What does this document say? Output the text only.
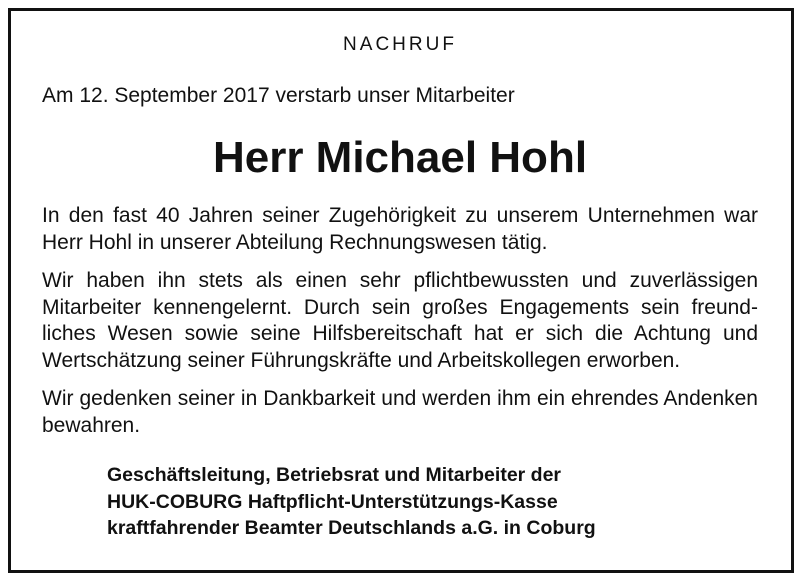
NACHRUF
Am 12. September 2017 verstarb unser Mitarbeiter
Herr Michael Hohl
In den fast 40 Jahren seiner Zugehörigkeit zu unserem Unternehmen war Herr Hohl in unserer Abteilung Rechnungswesen tätig.
Wir haben ihn stets als einen sehr pflichtbewussten und zuverlässigen Mitarbeiter kennengelernt. Durch sein großes Engagements sein freundliches Wesen sowie seine Hilfsbereitschaft hat er sich die Achtung und Wertschätzung seiner Führungskräfte und Arbeitskollegen erworben.
Wir gedenken seiner in Dankbarkeit und werden ihm ein ehrendes Andenken bewahren.
Geschäftsleitung, Betriebsrat und Mitarbeiter der
HUK-COBURG Haftpflicht-Unterstützungs-Kasse
kraftfahrender Beamter Deutschlands a.G. in Coburg
